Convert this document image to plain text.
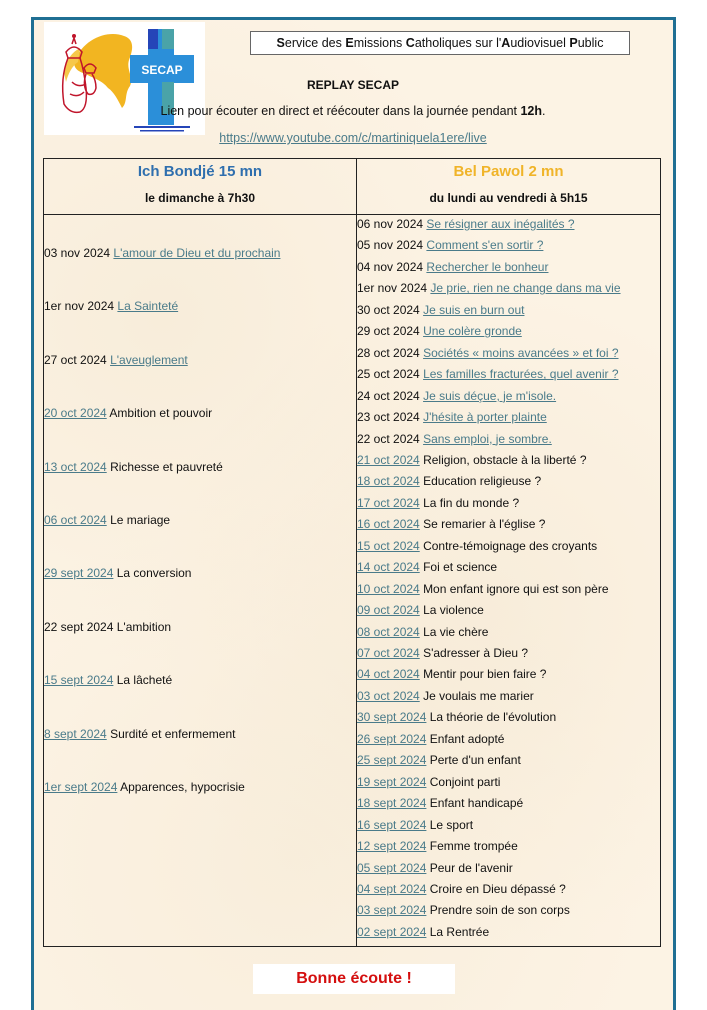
SECAP
Service des Emissions Catholiques sur l'Audiovisuel Public
REPLAY SECAP
Lien pour écouter en direct et réécouter dans la journée pendant 12h.
https://www.youtube.com/c/martiniquela1ere/live
Ich Bondjé 15 mn
le dimanche à 7h30
Bel Pawol 2 mn
du lundi au vendredi à 5h15
03 nov 2024 L'amour de Dieu et du prochain
1er nov 2024 La Sainteté
27 oct 2024 L'aveuglement
20 oct 2024 Ambition et pouvoir
13 oct 2024 Richesse et pauvreté
06 oct 2024 Le mariage
29 sept 2024 La conversion
22 sept 2024 L'ambition
15 sept 2024 La lâcheté
8 sept 2024 Surdité et enfermement
1er sept 2024 Apparences, hypocrisie
06 nov 2024 Se résigner aux inégalités ?
05 nov 2024 Comment s'en sortir ?
04 nov 2024 Rechercher le bonheur
1er nov 2024 Je prie, rien ne change dans ma vie
30 oct 2024 Je suis en burn out
29 oct 2024 Une colère gronde
28 oct 2024 Sociétés « moins avancées » et foi ?
25 oct 2024 Les familles fracturées, quel avenir ?
24 oct 2024 Je suis déçue, je m'isole.
23 oct 2024 J'hésite à porter plainte
22 oct 2024 Sans emploi, je sombre.
21 oct 2024 Religion, obstacle à la liberté ?
18 oct 2024 Education religieuse ?
17 oct 2024 La fin du monde ?
16 oct 2024 Se remarier à l'église ?
15 oct 2024 Contre-témoignage des croyants
14 oct 2024 Foi et science
10 oct 2024 Mon enfant ignore qui est son père
09 oct 2024 La violence
08 oct 2024 La vie chère
07 oct 2024 S'adresser à Dieu ?
04 oct 2024 Mentir pour bien faire ?
03 oct 2024 Je voulais me marier
30 sept 2024 La théorie de l'évolution
26 sept 2024 Enfant adopté
25 sept 2024 Perte d'un enfant
19 sept 2024 Conjoint parti
18 sept 2024 Enfant handicapé
16 sept 2024 Le sport
12 sept 2024 Femme trompée
05 sept 2024 Peur de l'avenir
04 sept 2024 Croire en Dieu dépassé ?
03 sept 2024 Prendre soin de son corps
02 sept 2024 La Rentrée
Bonne écoute !
